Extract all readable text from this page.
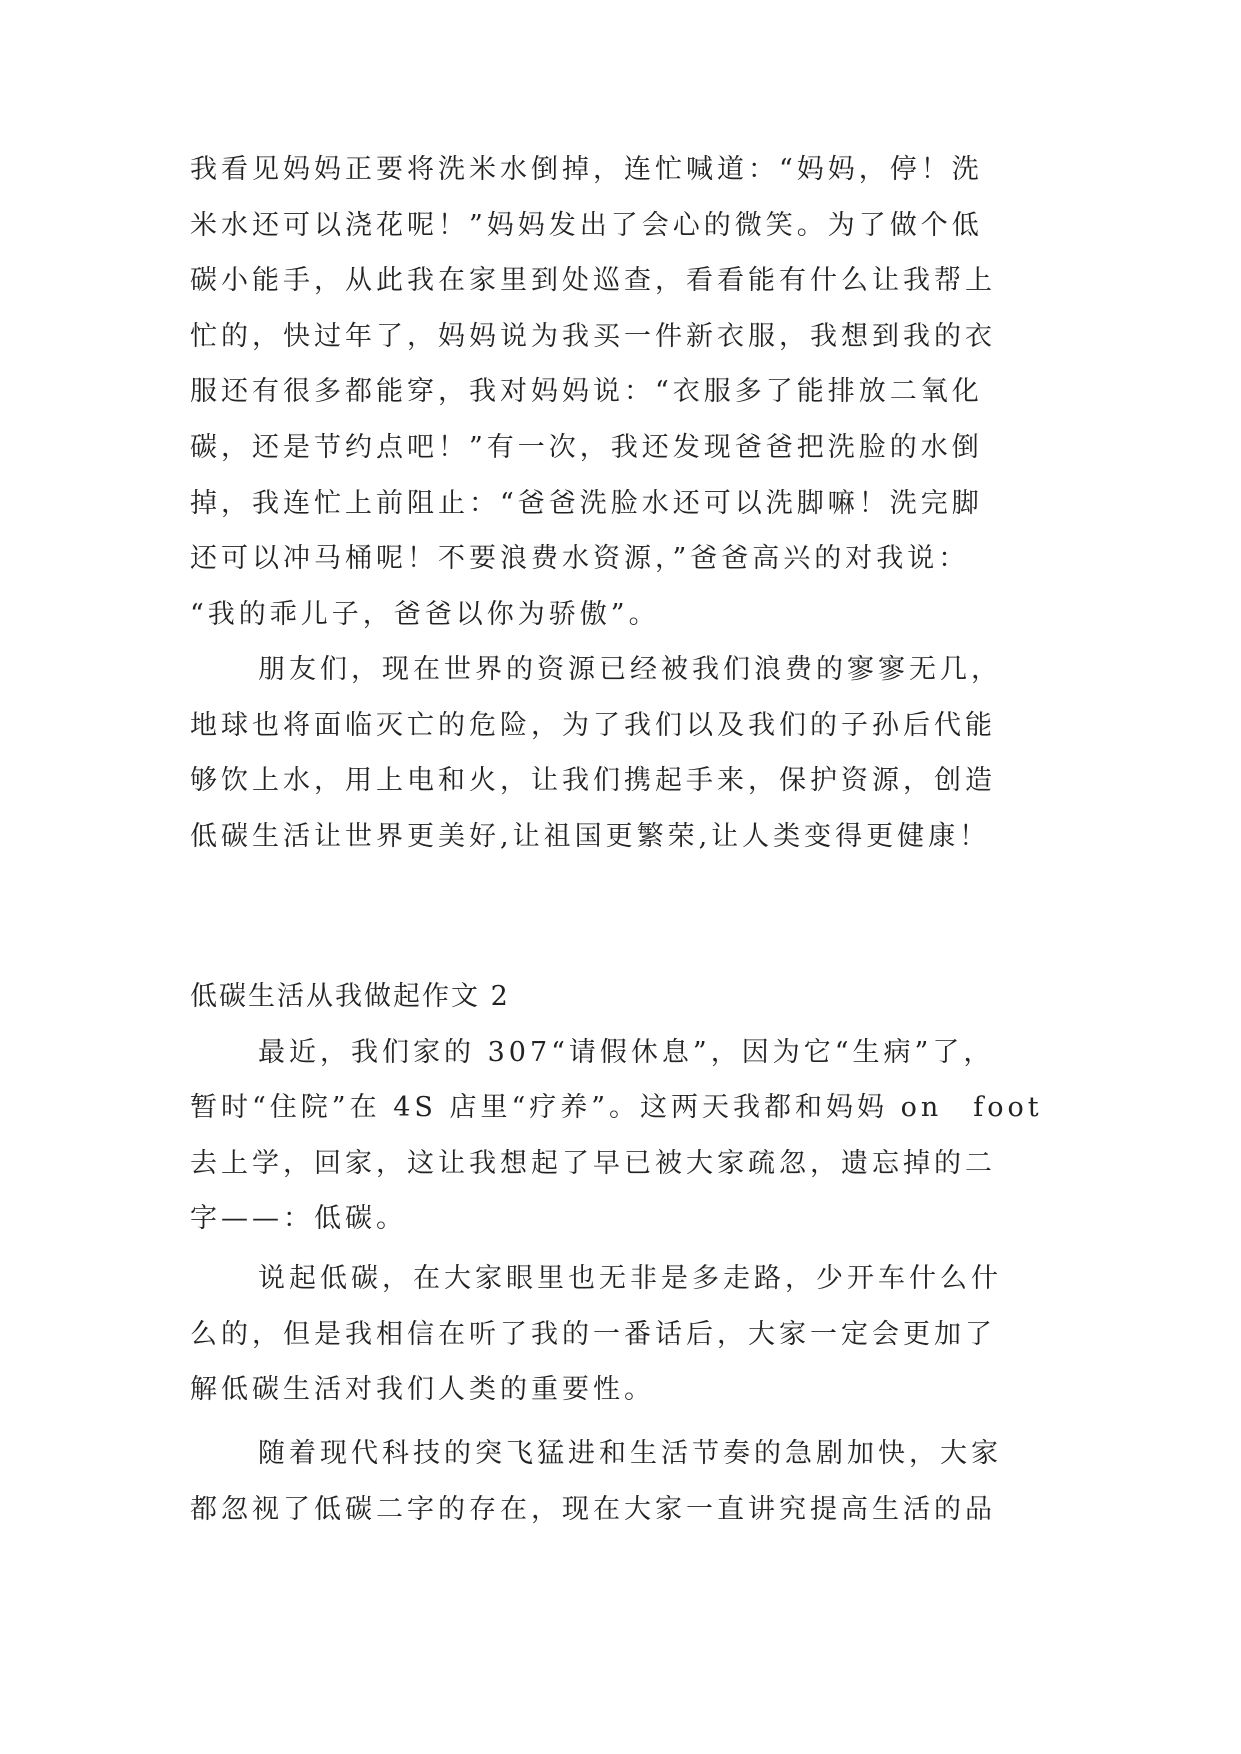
我看见妈妈正要将洗米水倒掉，连忙喊道：“妈妈，停！洗
米水还可以浇花呢！”妈妈发出了会心的微笑。为了做个低
碳小能手，从此我在家里到处巡查，看看能有什么让我帮上
忙的，快过年了，妈妈说为我买一件新衣服，我想到我的衣
服还有很多都能穿，我对妈妈说：“衣服多了能排放二氧化
碳，还是节约点吧！”有一次，我还发现爸爸把洗脸的水倒
掉，我连忙上前阻止：“爸爸洗脸水还可以洗脚嘛！洗完脚
还可以冲马桶呢！不要浪费水资源，”爸爸高兴的对我说：
“我的乖儿子，爸爸以你为骄傲”。
朋友们，现在世界的资源已经被我们浪费的寥寥无几，
地球也将面临灭亡的危险，为了我们以及我们的子孙后代能
够饮上水，用上电和火，让我们携起手来，保护资源，创造
低碳生活让世界更美好,让祖国更繁荣,让人类变得更健康！
低碳生活从我做起作文 2
最近，我们家的 307“请假休息”，因为它“生病”了，
暂时“住院”在 4S 店里“疗养”。这两天我都和妈妈 on　foot
去上学，回家，这让我想起了早已被大家疏忽，遗忘掉的二
字——：低碳。
说起低碳，在大家眼里也无非是多走路，少开车什么什
么的，但是我相信在听了我的一番话后，大家一定会更加了
解低碳生活对我们人类的重要性。
随着现代科技的突飞猛进和生活节奏的急剧加快，大家
都忽视了低碳二字的存在，现在大家一直讲究提高生活的品
